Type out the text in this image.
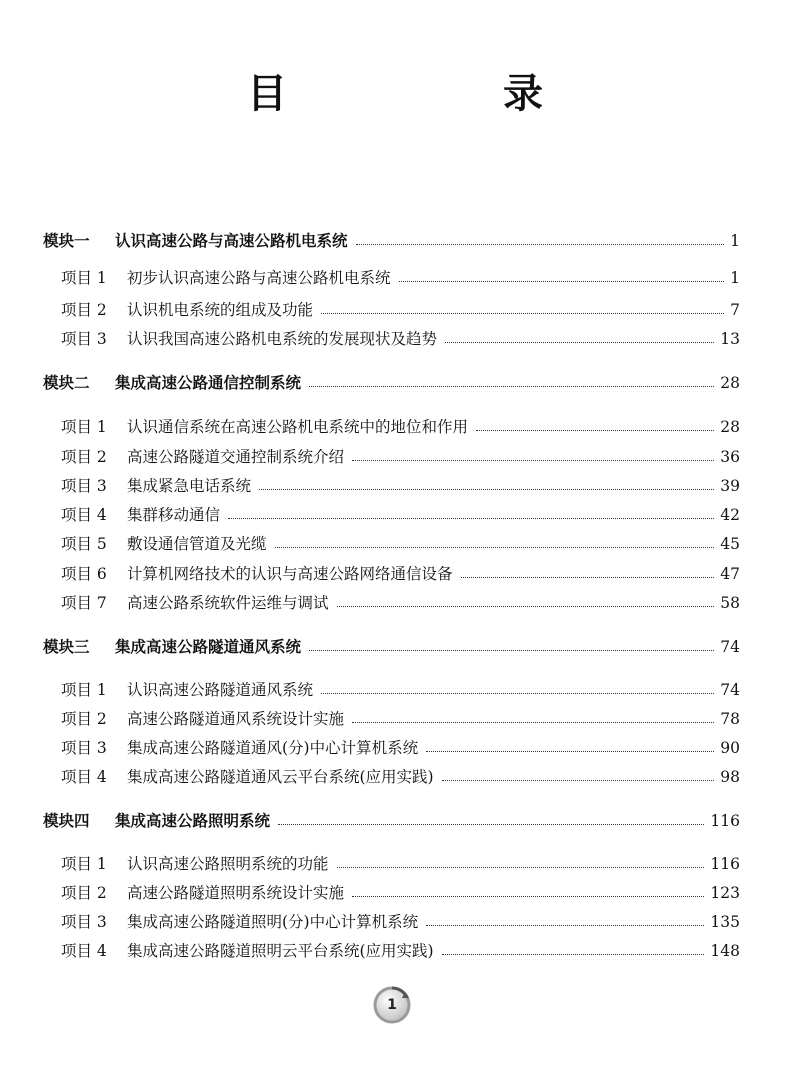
目　录
模块一	认识高速公路与高速公路机电系统	1
项目 1	初步认识高速公路与高速公路机电系统	1
项目 2	认识机电系统的组成及功能	7
项目 3	认识我国高速公路机电系统的发展现状及趋势	13
模块二	集成高速公路通信控制系统	28
项目 1	认识通信系统在高速公路机电系统中的地位和作用	28
项目 2	高速公路隧道交通控制系统介绍	36
项目 3	集成紧急电话系统	39
项目 4	集群移动通信	42
项目 5	敷设通信管道及光缆	45
项目 6	计算机网络技术的认识与高速公路网络通信设备	47
项目 7	高速公路系统软件运维与调试	58
模块三	集成高速公路隧道通风系统	74
项目 1	认识高速公路隧道通风系统	74
项目 2	高速公路隧道通风系统设计实施	78
项目 3	集成高速公路隧道通风(分)中心计算机系统	90
项目 4	集成高速公路隧道通风云平台系统(应用实践)	98
模块四	集成高速公路照明系统	116
项目 1	认识高速公路照明系统的功能	116
项目 2	高速公路隧道照明系统设计实施	123
项目 3	集成高速公路隧道照明(分)中心计算机系统	135
项目 4	集成高速公路隧道照明云平台系统(应用实践)	148
1
